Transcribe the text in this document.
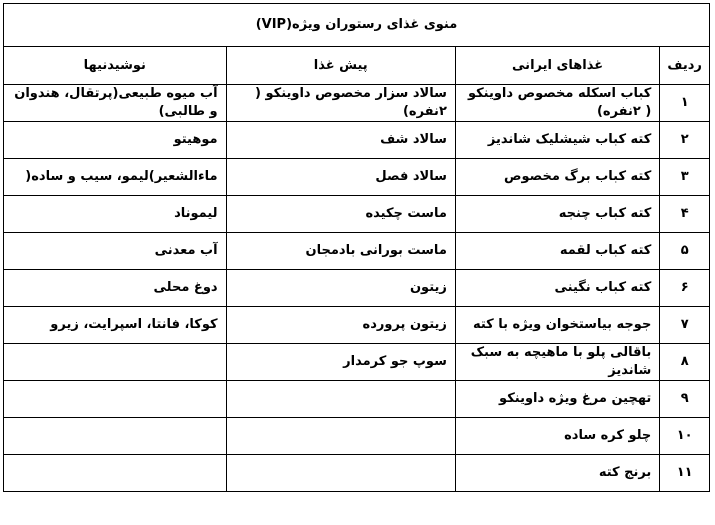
منوی غذای رستوران ویژه(VIP)			
ردیف	غذاهای ایرانی	پیش غذا	نوشیدنیها
۱	کباب اسکله مخصوص داوینکو ( ۲نفره)	سالاد سزار مخصوص داوینکو ( ۲نفره)	آب میوه طبیعی(پرتقال، هندوان و طالبی)
۲	کته کباب شیشلیک شاندیز	سالاد شف	موهیتو
۳	کته کباب برگ مخصوص	سالاد فصل	ماءالشعیر)لیمو، سیب و ساده(
۴	کته کباب چنجه	ماست چکیده	لیموناد
۵	کته کباب لقمه	ماست بورانی بادمجان	آب معدنی
۶	کته کباب نگینی	زیتون	دوغ محلی
۷	جوجه بیاستخوان ویژه با کته	زیتون پرورده	کوکا، فانتا، اسپرایت، زیرو
۸	باقالی پلو با ماهیچه به سبک شاندیز	سوپ جو کرمدار	
۹	تهچین مرغ ویژه داوینکو		
۱۰	چلو کره ساده		
۱۱	برنج کته		
